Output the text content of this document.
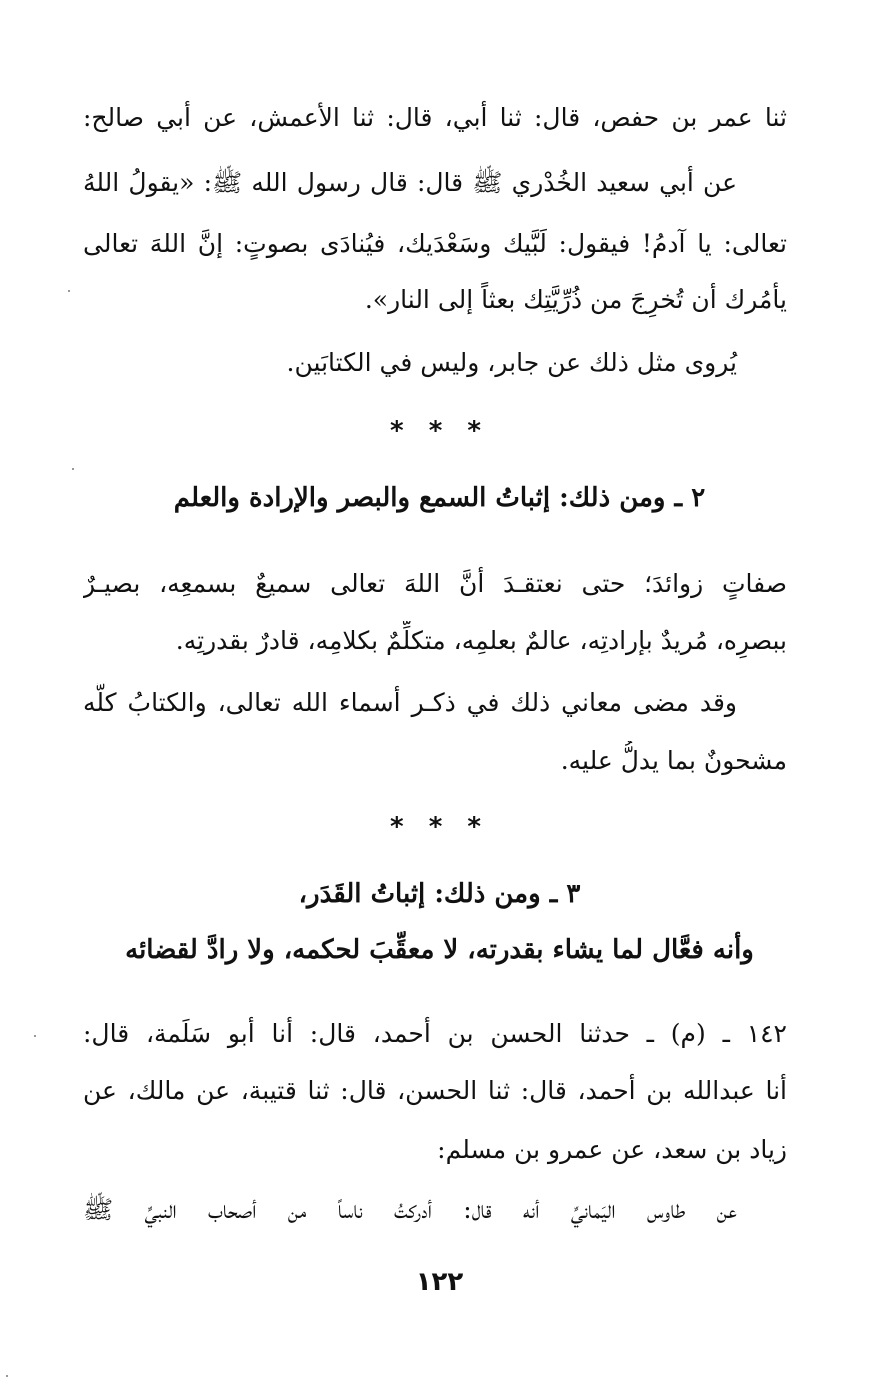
ثنا عمر بن حفص، قال: ثنا أبي، قال: ثنا الأعمش، عن أبي صالح:
عن أبي سعيد الخُدْري ﷺ قال: قال رسول الله ﷺ: «يقولُ اللهُ
تعالى: يا آدمُ! فيقول: لَبَّيك وسَعْدَيك، فيُنادَى بصوتٍ: إنَّ اللهَ تعالى
يأمُرك أن تُخرِجَ من ذُرِّيَّتِك بعثاً إلى النار».
يُروى مثل ذلك عن جابر، وليس في الكتابَين.
* * *
٢ ـ ومن ذلك: إثباتُ السمع والبصر والإرادة والعلم
صفاتٍ زوائدَ؛ حتى نعتقـدَ أنَّ اللهَ تعالى سميعٌ بسمعِه، بصيـرٌ
ببصرِه، مُريدٌ بإرادتِه، عالمٌ بعلمِه، متكلِّمٌ بكلامِه، قادرٌ بقدرتِه.
وقد مضى معاني ذلك في ذكـر أسماء الله تعالى، والكتابُ كلُّه
مشحونٌ بما يدلُّ عليه.
* * *
٣ ـ ومن ذلك: إثباتُ القَدَر،
وأنه فعَّال لما يشاء بقدرته، لا معقِّبَ لحكمه، ولا رادَّ لقضائه
١٤٢ ـ (م) ـ حدثنا الحسن بن أحمد، قال: أنا أبو سَلَمة، قال:
أنا عبدالله بن أحمد، قال: ثنا الحسن، قال: ثنا قتيبة، عن مالك، عن
زياد بن سعد، عن عمرو بن مسلم:
عن طاوس اليَمانيِّ أنه قال: أدركتُ ناساً من أصحاب النبيِّ ﷺ
١٢٢
